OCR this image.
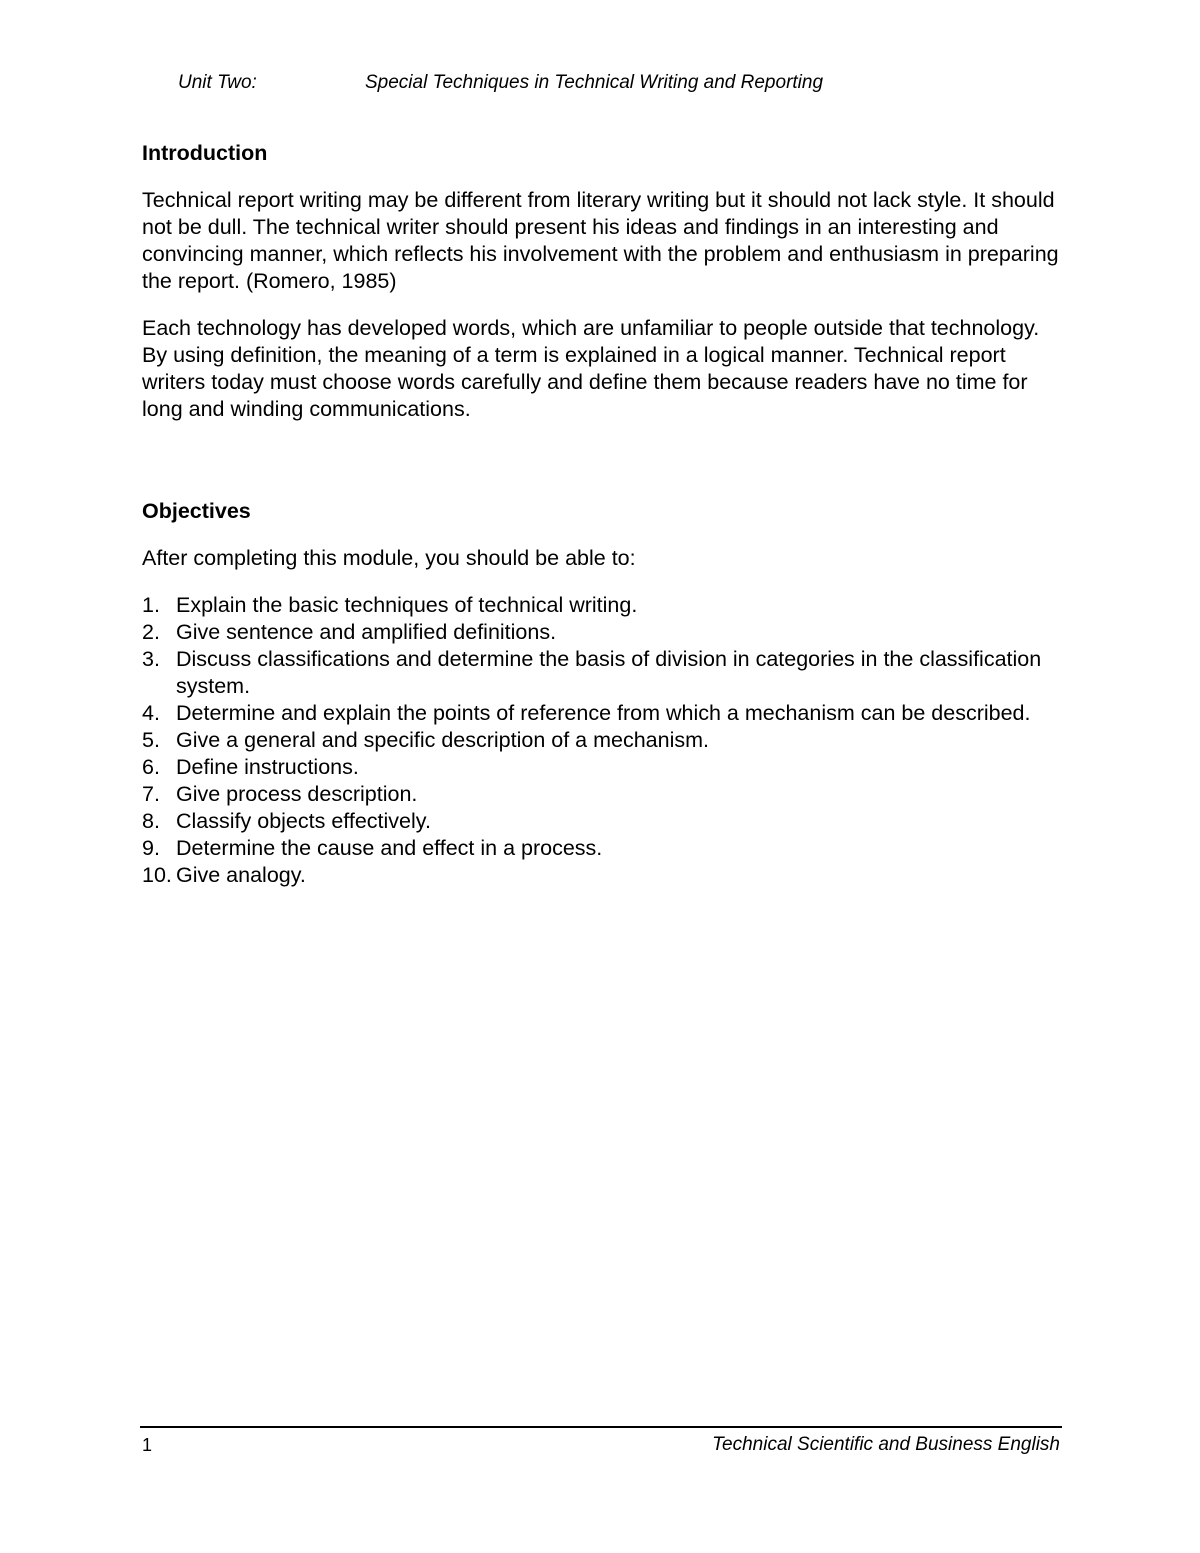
Unit Two:	Special Techniques in Technical Writing and Reporting
Introduction

Technical report writing may be different from literary writing but it should not lack style. It should not be dull. The technical writer should present his ideas and findings in an interesting and convincing manner, which reflects his involvement with the problem and enthusiasm in preparing the report. (Romero, 1985)

Each technology has developed words, which are unfamiliar to people outside that technology. By using definition, the meaning of a term is explained in a logical manner. Technical report writers today must choose words carefully and define them because readers have no time for long and winding communications.

Objectives

After completing this module, you should be able to:

1. Explain the basic techniques of technical writing.
2. Give sentence and amplified definitions.
3. Discuss classifications and determine the basis of division in categories in the classification system.
4. Determine and explain the points of reference from which a mechanism can be described.
5. Give a general and specific description of a mechanism.
6. Define instructions.
7. Give process description.
8. Classify objects effectively.
9. Determine the cause and effect in a process.
10. Give analogy.
1	Technical Scientific and Business English
